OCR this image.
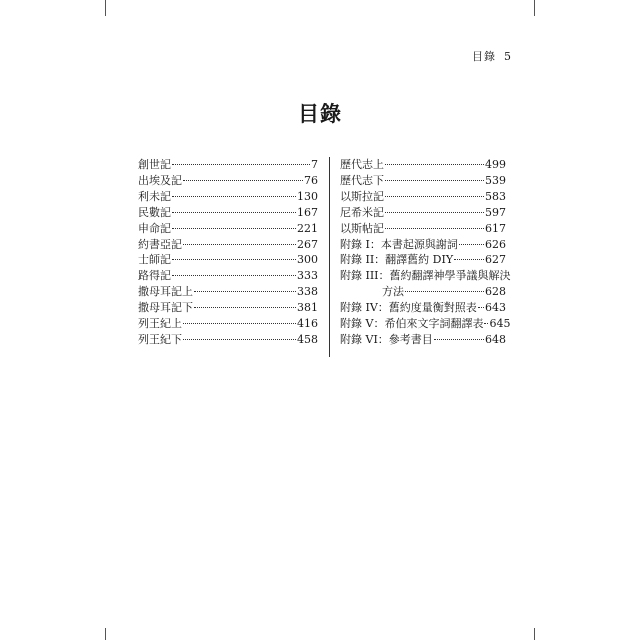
目錄 5
目錄
創世記	7
出埃及記	76
利未記	130
民數記	167
申命記	221
約書亞記	267
士師記	300
路得記	333
撒母耳記上	338
撒母耳記下	381
列王紀上	416
列王紀下	458
歷代志上	499
歷代志下	539
以斯拉記	583
尼希米記	597
以斯帖記	617
附錄 I：本書起源與謝詞 626
附錄 II：翻譯舊約 DIY	627
附錄 III：舊約翻譯神學爭議與解決
方法	628
附錄 IV：舊約度量衡對照表 643
附錄 V：希伯來文字詞翻譯表 645
附錄 VI：參考書目	648
